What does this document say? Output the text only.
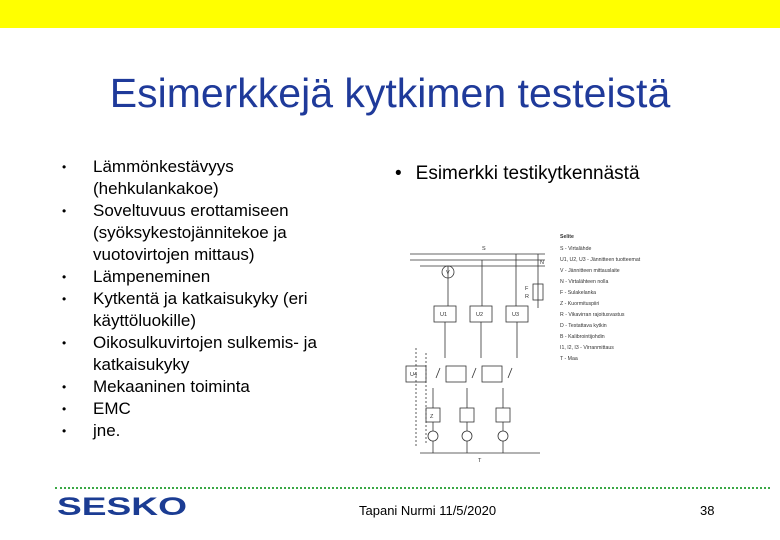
Esimerkkejä kytkimen testeistä
• Lämmönkestävyys (hehkulankakoe)
• Soveltuvuus erottamiseen (syöksykestojännitekoe ja vuotovirtojen mittaus)
• Lämpeneminen
• Kytkentä ja katkaisukyky (eri käyttöluokille)
• Oikosulkuvirtojen sulkemis- ja katkaisukyky
• Mekaaninen toiminta
• EMC
• jne.
• Esimerkki testikytkennästä
S
N
V
F
R
U1	U2	U3
U4
Z
T
Selite
S - Virtalähde
U1, U2, U3 - Jännitteen tuotteemat
V - Jännitteen mittauslaite
N - Virtalähteen nolla
F - Sulakelanka
Z - Kuormituspiiri
R - Vikavirran rajoitusvastus
D - Testattava kytkin
B - Kalibrointijohdin
I1, I2, I3 - Virranmittaus
T - Maa
SESKO	Tapani Nurmi 11/5/2020	38
